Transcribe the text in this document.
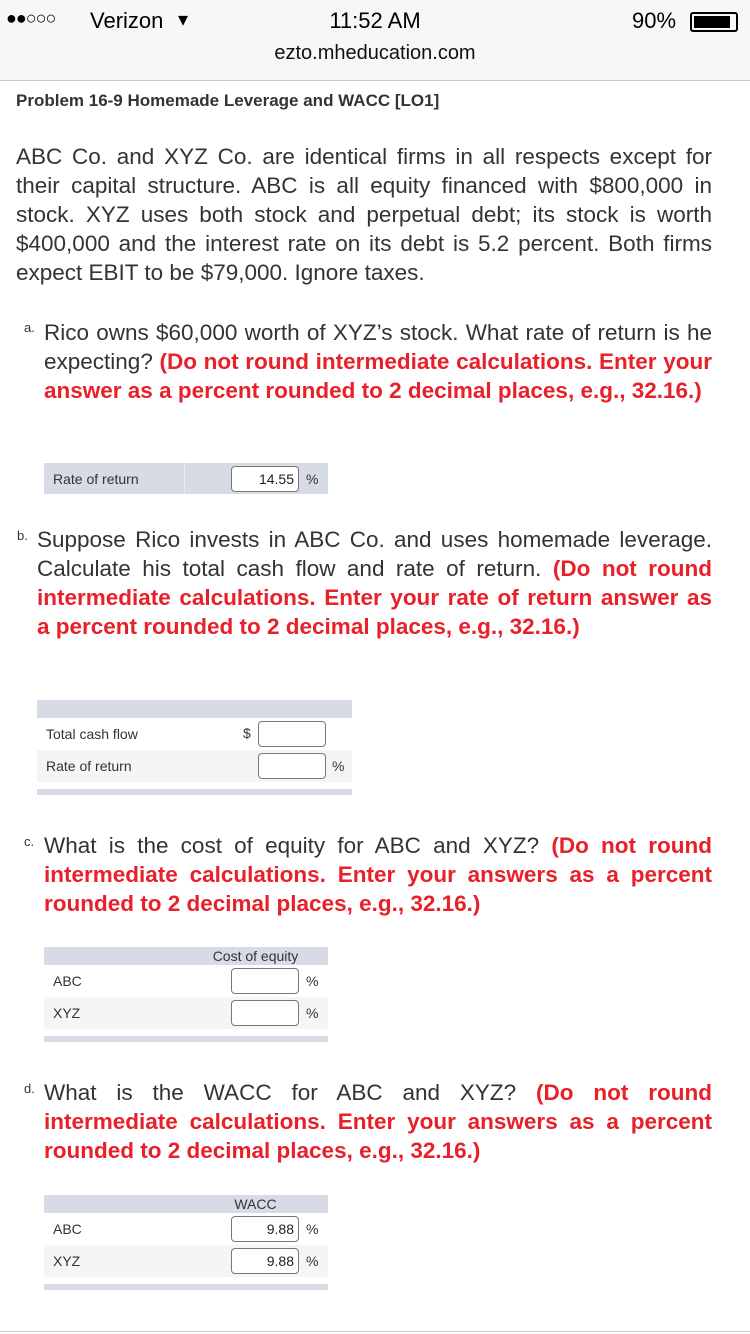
ezto.mheducation.com
●●○○○ Verizon ▾	11:52 AM	90%
Problem 16-9 Homemade Leverage and WACC [LO1]
ABC Co. and XYZ Co. are identical firms in all respects except for their capital structure. ABC is all equity financed with $800,000 in stock. XYZ uses both stock and perpetual debt; its stock is worth $400,000 and the interest rate on its debt is 5.2 percent. Both firms expect EBIT to be $79,000. Ignore taxes.
a. Rico owns $60,000 worth of XYZ’s stock. What rate of return is he expecting? (Do not round intermediate calculations. Enter your answer as a percent rounded to 2 decimal places, e.g., 32.16.)
Rate of return	14.55 %
b. Suppose Rico invests in ABC Co. and uses homemade leverage. Calculate his total cash flow and rate of return. (Do not round intermediate calculations. Enter your rate of return answer as a percent rounded to 2 decimal places, e.g., 32.16.)
Total cash flow	$
Rate of return	%
c. What is the cost of equity for ABC and XYZ? (Do not round intermediate calculations. Enter your answers as a percent rounded to 2 decimal places, e.g., 32.16.)
Cost of equity
ABC	%
XYZ	%
d. What is the WACC for ABC and XYZ? (Do not round intermediate calculations. Enter your answers as a percent rounded to 2 decimal places, e.g., 32.16.)
WACC
ABC	9.88 %
XYZ	9.88 %
